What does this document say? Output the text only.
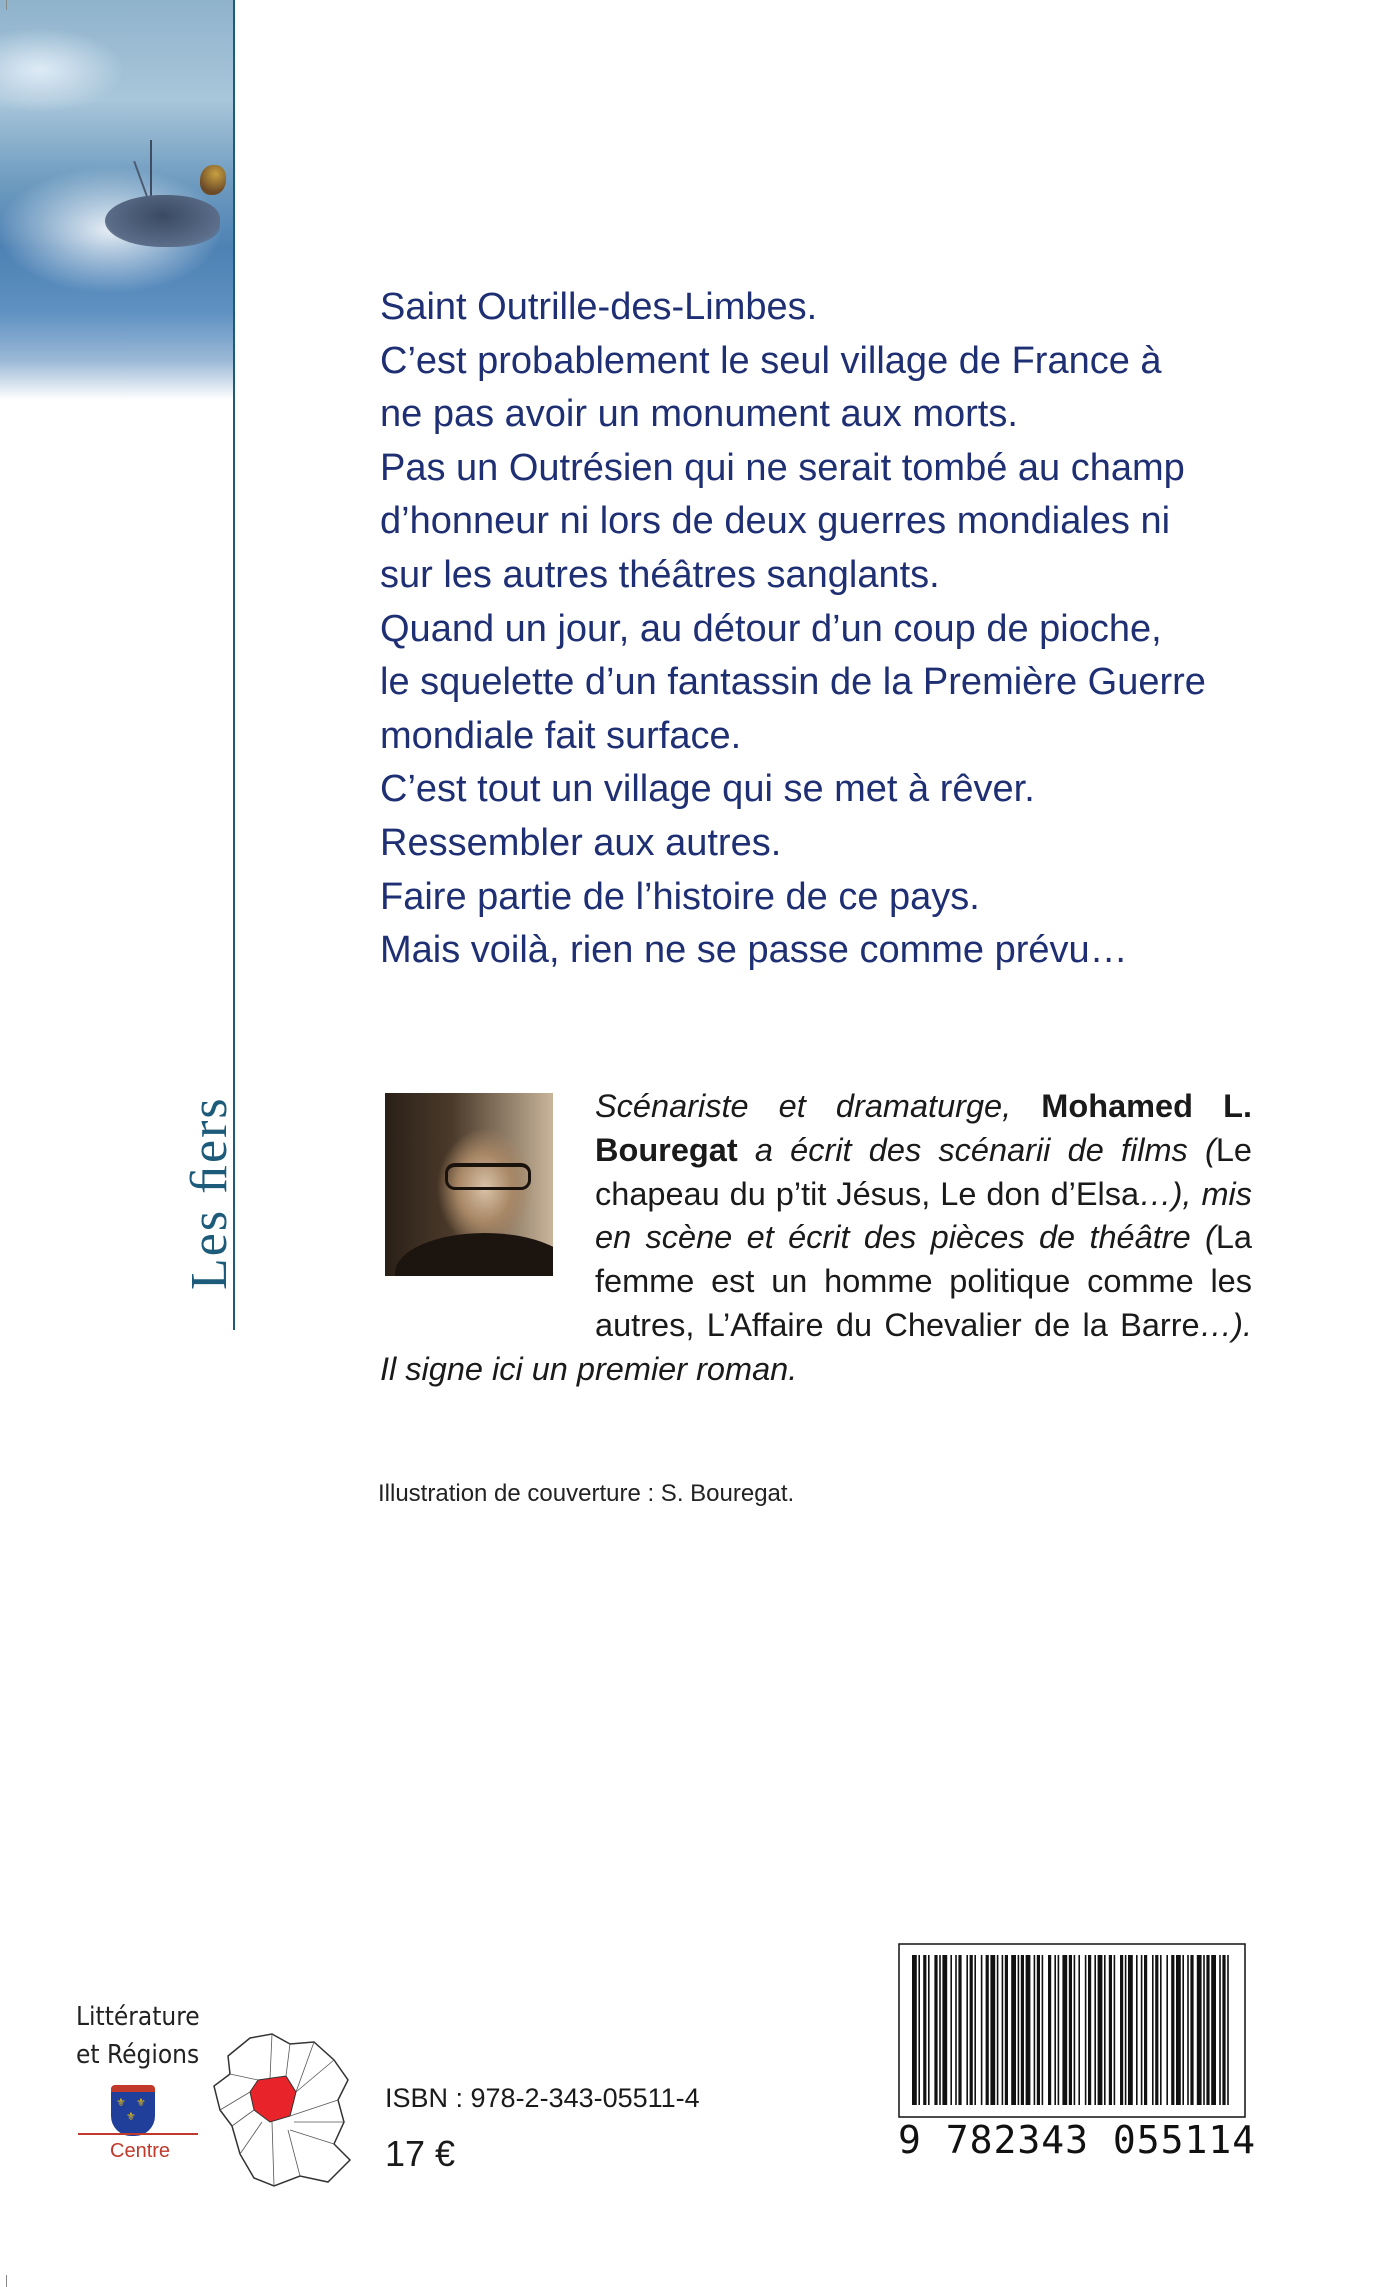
Les ﬁers
Saint Outrille-des-Limbes.
C’est probablement le seul village de France à
ne pas avoir un monument aux morts.
Pas un Outrésien qui ne serait tombé au champ
d’honneur ni lors de deux guerres mondiales ni
sur les autres théâtres sanglants.
Quand un jour, au détour d’un coup de pioche,
le squelette d’un fantassin de la Première Guerre
mondiale fait surface.
C’est tout un village qui se met à rêver.
Ressembler aux autres.
Faire partie de l’histoire de ce pays.
Mais voilà, rien ne se passe comme prévu…

Scénariste et dramaturge, Mohamed L. Bouregat a écrit des scénarii de films (Le chapeau du p’tit Jésus, Le don d’Elsa…), mis en scène et écrit des pièces de théâtre (La femme est un homme politique comme les autres, L’Affaire du Chevalier de la Barre…). Il signe ici un premier roman.

Illustration de couverture : S. Bouregat.
Littérature
et Régions
⚜ ⚜
⚜
Centre
ISBN : 978-2-343-05511-4
17 €	9 782343 055114
